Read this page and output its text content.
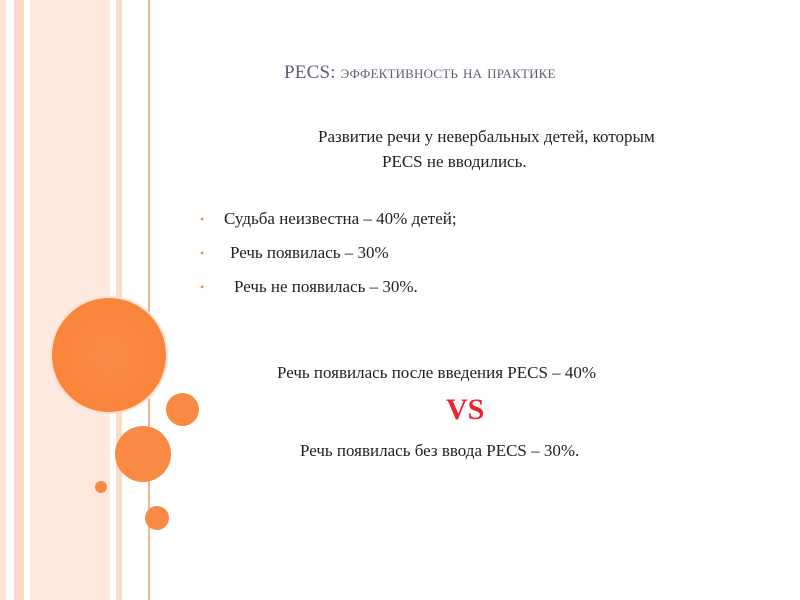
PECS: эффективность на практике
Развитие речи у невербальных детей, которым
PECS не вводились.
• Судьба неизвестна – 40% детей;
• Речь появилась – 30%
• Речь не появилась – 30%.
Речь появилась после введения PECS – 40%
VS
Речь появилась без ввода PECS – 30%.
